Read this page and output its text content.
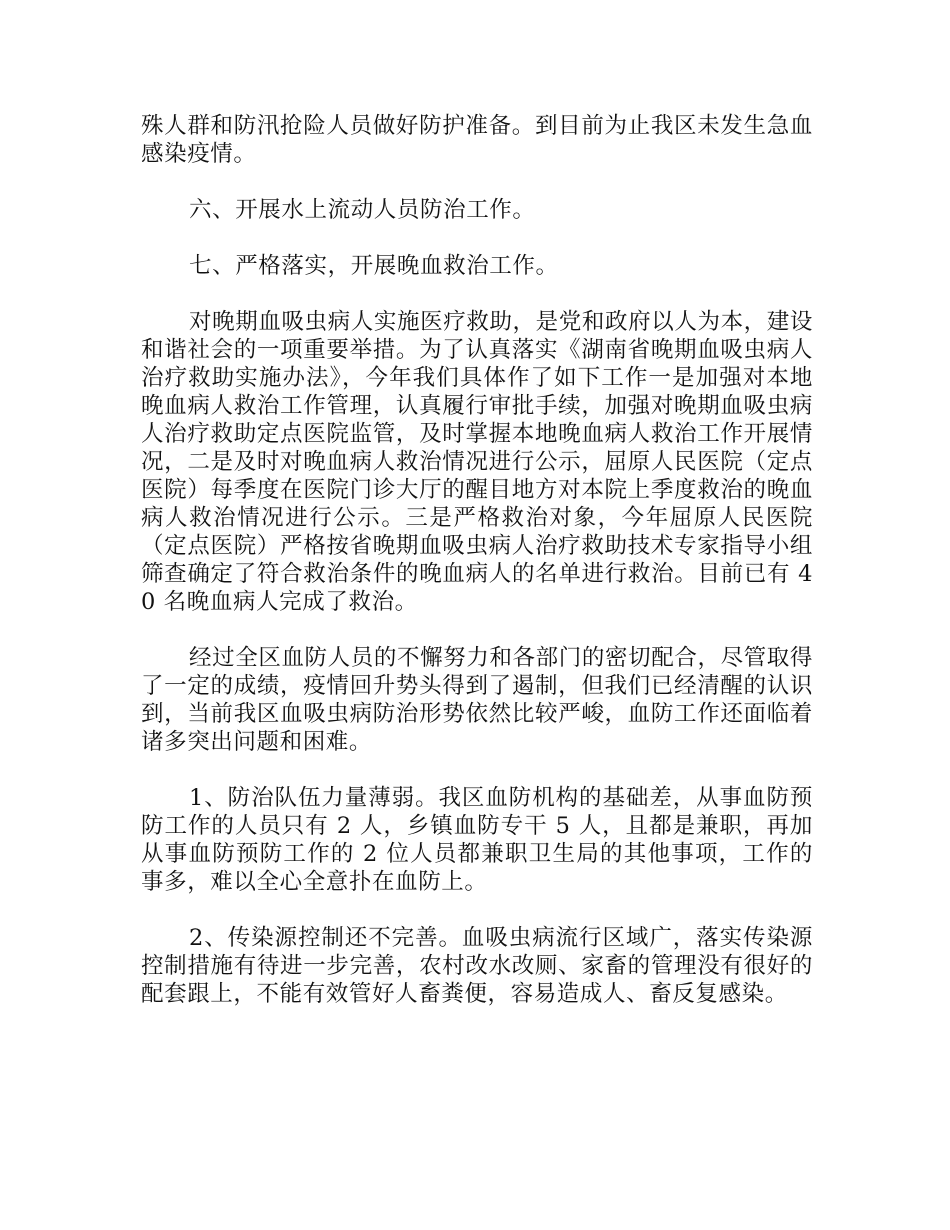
殊人群和防汛抢险人员做好防护准备。到目前为止我区未发生急血感染疫情。

六、开展水上流动人员防治工作。

七、严格落实，开展晚血救治工作。

对晚期血吸虫病人实施医疗救助，是党和政府以人为本，建设和谐社会的一项重要举措。为了认真落实《湖南省晚期血吸虫病人治疗救助实施办法》，今年我们具体作了如下工作一是加强对本地晚血病人救治工作管理，认真履行审批手续，加强对晚期血吸虫病人治疗救助定点医院监管，及时掌握本地晚血病人救治工作开展情况，二是及时对晚血病人救治情况进行公示，屈原人民医院（定点医院）每季度在医院门诊大厅的醒目地方对本院上季度救治的晚血病人救治情况进行公示。三是严格救治对象，今年屈原人民医院（定点医院）严格按省晚期血吸虫病人治疗救助技术专家指导小组筛查确定了符合救治条件的晚血病人的名单进行救治。目前已有 40 名晚血病人完成了救治。

经过全区血防人员的不懈努力和各部门的密切配合，尽管取得了一定的成绩，疫情回升势头得到了遏制，但我们已经清醒的认识到，当前我区血吸虫病防治形势依然比较严峻，血防工作还面临着诸多突出问题和困难。

1、防治队伍力量薄弱。我区血防机构的基础差，从事血防预防工作的人员只有 2 人，乡镇血防专干 5 人，且都是兼职，再加从事血防预防工作的 2 位人员都兼职卫生局的其他事项，工作的事多，难以全心全意扑在血防上。

2、传染源控制还不完善。血吸虫病流行区域广，落实传染源控制措施有待进一步完善，农村改水改厕、家畜的管理没有很好的配套跟上，不能有效管好人畜粪便，容易造成人、畜反复感染。
